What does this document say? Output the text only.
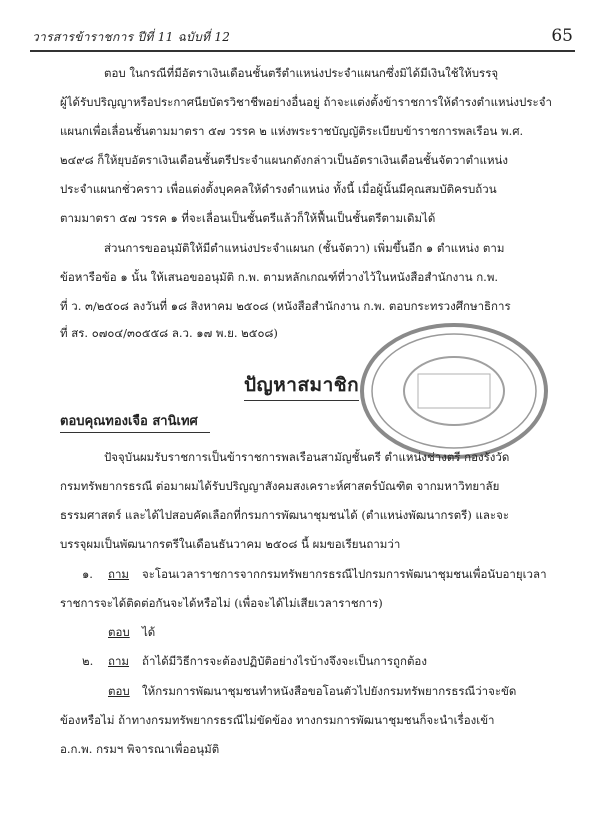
วารสารข้าราชการ ปีที่ 11 ฉบับที่ 12	65
ตอบ ในกรณีที่มีอัตราเงินเดือนชั้นตรีตำแหน่งประจำแผนกซึ่งมิได้มีเงินใช้ให้บรรจุ
ผู้ได้รับปริญญาหรือประกาศนียบัตรวิชาชีพอย่างอื่นอยู่ ถ้าจะแต่งตั้งข้าราชการให้ดำรงตำแหน่งประจำ
แผนกเพื่อเลื่อนชั้นตามมาตรา ๕๗ วรรค ๒ แห่งพระราชบัญญัติระเบียบข้าราชการพลเรือน พ.ศ.
๒๔๙๘ ก็ให้ยุบอัตราเงินเดือนชั้นตรีประจำแผนกดังกล่าวเป็นอัตราเงินเดือนชั้นจัตวาตำแหน่ง
ประจำแผนกชั่วคราว เพื่อแต่งตั้งบุคคลให้ดำรงตำแหน่ง ทั้งนี้ เมื่อผู้นั้นมีคุณสมบัติครบถ้วน
ตามมาตรา ๕๗ วรรค ๑ ที่จะเลื่อนเป็นชั้นตรีแล้วก็ให้ฟื้นเป็นชั้นตรีตามเดิมได้
ส่วนการขออนุมัติให้มีตำแหน่งประจำแผนก (ชั้นจัตวา) เพิ่มขึ้นอีก ๑ ตำแหน่ง ตาม
ข้อหารือข้อ ๑ นั้น ให้เสนอขออนุมัติ ก.พ. ตามหลักเกณฑ์ที่วางไว้ในหนังสือสำนักงาน ก.พ.
ที่ ว. ๓/๒๕๐๘ ลงวันที่ ๑๘ สิงหาคม ๒๕๐๘ (หนังสือสำนักงาน ก.พ. ตอบกระทรวงศึกษาธิการ
ที่ สร. ๐๗๐๔/๓๐๕๕๘ ล.ว. ๑๗ พ.ย. ๒๕๐๘)
ปัญหาสมาชิก
ตอบคุณทองเจือ สานิเทศ
ปัจจุบันผมรับราชการเป็นข้าราชการพลเรือนสามัญชั้นตรี ตำแหน่งช่างตรี กองรังวัด
กรมทรัพยากรธรณี ต่อมาผมได้รับปริญญาสังคมสงเคราะห์ศาสตร์บัณฑิต จากมหาวิทยาลัย
ธรรมศาสตร์ และได้ไปสอบคัดเลือกที่กรมการพัฒนาชุมชนได้ (ตำแหน่งพัฒนากรตรี) และจะ
บรรจุผมเป็นพัฒนากรตรีในเดือนธันวาคม ๒๕๐๘ นี้ ผมขอเรียนถามว่า
๑. ถาม จะโอนเวลาราชการจากกรมทรัพยากรธรณีไปกรมการพัฒนาชุมชนเพื่อนับอายุเวลา
ราชการจะได้ติดต่อกันจะได้หรือไม่ (เพื่อจะได้ไม่เสียเวลาราชการ)
ตอบ ได้
๒. ถาม ถ้าได้มีวิธีการจะต้องปฏิบัติอย่างไรบ้างจึงจะเป็นการถูกต้อง
ตอบ ให้กรมการพัฒนาชุมชนทำหนังสือขอโอนตัวไปยังกรมทรัพยากรธรณีว่าจะขัด
ข้องหรือไม่ ถ้าทางกรมทรัพยากรธรณีไม่ขัดข้อง ทางกรมการพัฒนาชุมชนก็จะนำเรื่องเข้า
อ.ก.พ. กรมฯ พิจารณาเพื่ออนุมัติ
